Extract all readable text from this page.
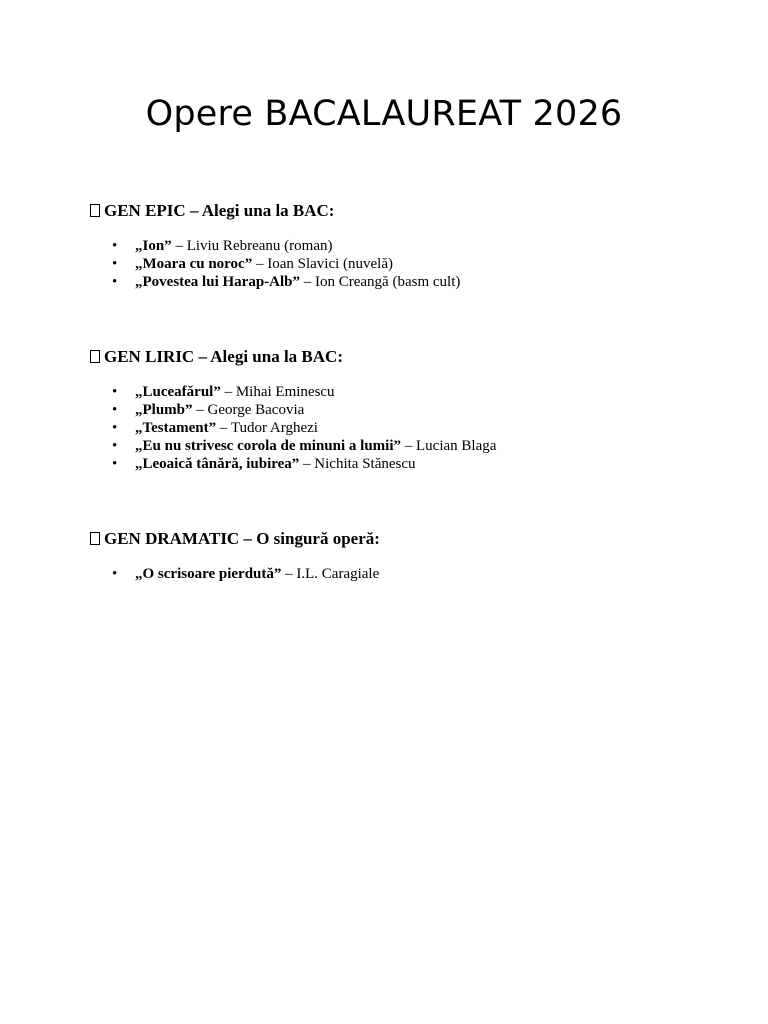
Opere BACALAUREAT 2026
GEN EPIC – Alegi una la BAC:
• „Ion” – Liviu Rebreanu (roman)
• „Moara cu noroc” – Ioan Slavici (nuvelă)
• „Povestea lui Harap-Alb” – Ion Creangă (basm cult)
GEN LIRIC – Alegi una la BAC:
• „Luceafărul” – Mihai Eminescu
• „Plumb” – George Bacovia
• „Testament” – Tudor Arghezi
• „Eu nu strivesc corola de minuni a lumii” – Lucian Blaga
• „Leoaică tânără, iubirea” – Nichita Stănescu
GEN DRAMATIC – O singură operă:
• „O scrisoare pierdută” – I.L. Caragiale
